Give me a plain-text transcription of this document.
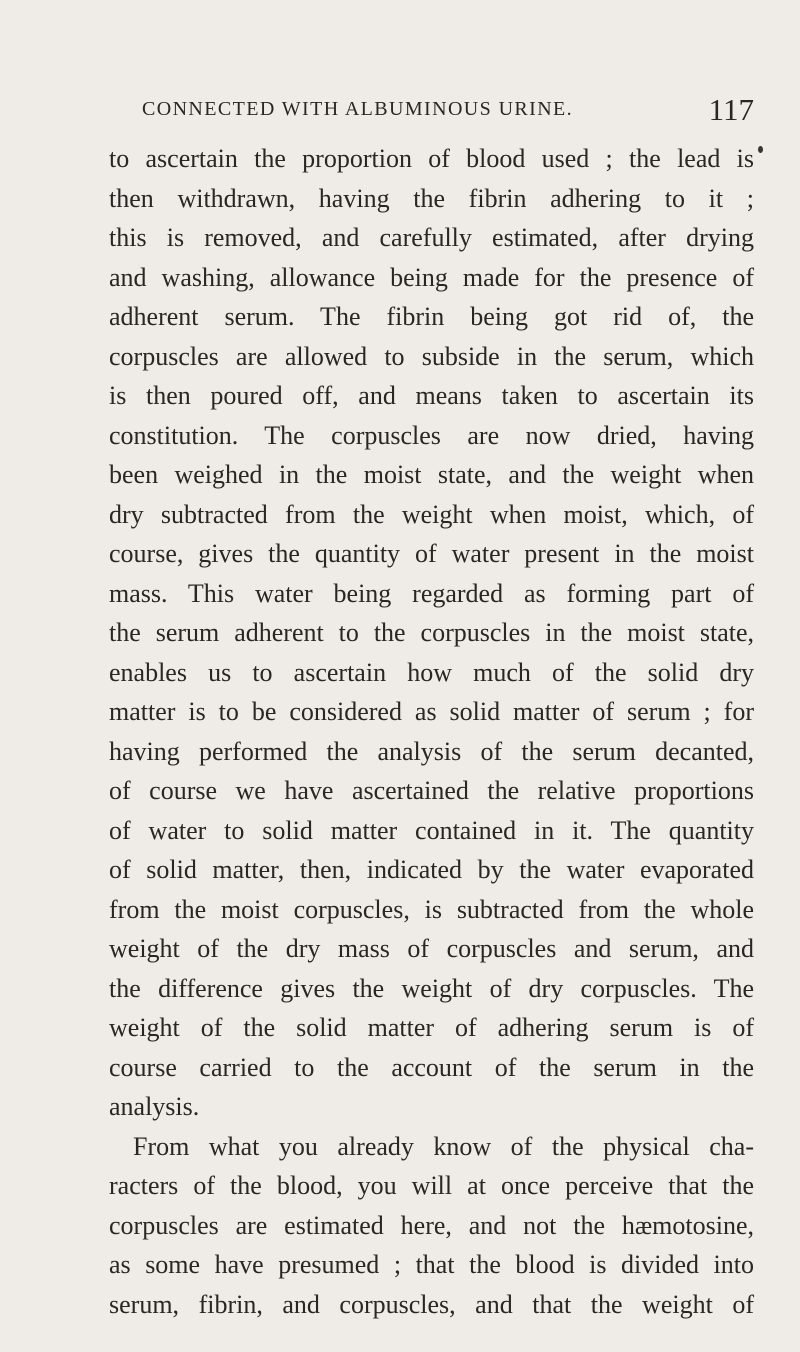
CONNECTED WITH ALBUMINOUS URINE.	117
to ascertain the proportion of blood used ; the lead is
then withdrawn, having the fibrin adhering to it ;
this is removed, and carefully estimated, after drying
and washing, allowance being made for the presence of
adherent serum. The fibrin being got rid of, the
corpuscles are allowed to subside in the serum, which
is then poured off, and means taken to ascertain its
constitution. The corpuscles are now dried, having
been weighed in the moist state, and the weight when
dry subtracted from the weight when moist, which, of
course, gives the quantity of water present in the moist
mass. This water being regarded as forming part of
the serum adherent to the corpuscles in the moist state,
enables us to ascertain how much of the solid dry
matter is to be considered as solid matter of serum ; for
having performed the analysis of the serum decanted,
of course we have ascertained the relative proportions
of water to solid matter contained in it. The quantity
of solid matter, then, indicated by the water evaporated
from the moist corpuscles, is subtracted from the whole
weight of the dry mass of corpuscles and serum, and
the difference gives the weight of dry corpuscles. The
weight of the solid matter of adhering serum is of
course carried to the account of the serum in the
analysis.
From what you already know of the physical cha-
racters of the blood, you will at once perceive that the
corpuscles are estimated here, and not the hæmotosine,
as some have presumed ; that the blood is divided into
serum, fibrin, and corpuscles, and that the weight of
